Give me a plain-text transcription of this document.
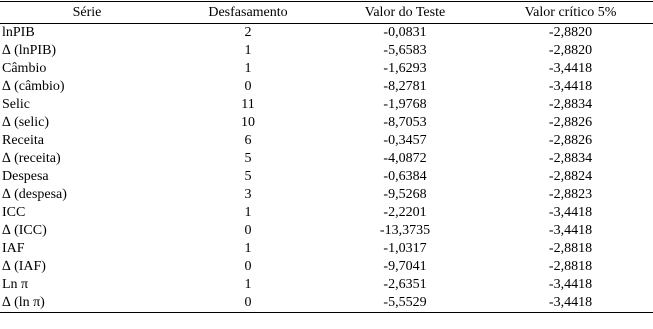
Série	Desfasamento	Valor do Teste	Valor crítico 5%
lnPIB	2	-0,0831	-2,8820
∆ (lnPIB)	1	-5,6583	-2,8820
Câmbio	1	-1,6293	-3,4418
∆ (câmbio)	0	-8,2781	-3,4418
Selic	11	-1,9768	-2,8834
∆ (selic)	10	-8,7053	-2,8826
Receita	6	-0,3457	-2,8826
∆ (receita)	5	-4,0872	-2,8834
Despesa	5	-0,6384	-2,8824
∆ (despesa)	3	-9,5268	-2,8823
ICC	1	-2,2201	-3,4418
∆ (ICC)	0	-13,3735	-3,4418
IAF	1	-1,0317	-2,8818
∆ (IAF)	0	-9,7041	-2,8818
Ln π	1	-2,6351	-3,4418
∆ (ln π)	0	-5,5529	-3,4418
